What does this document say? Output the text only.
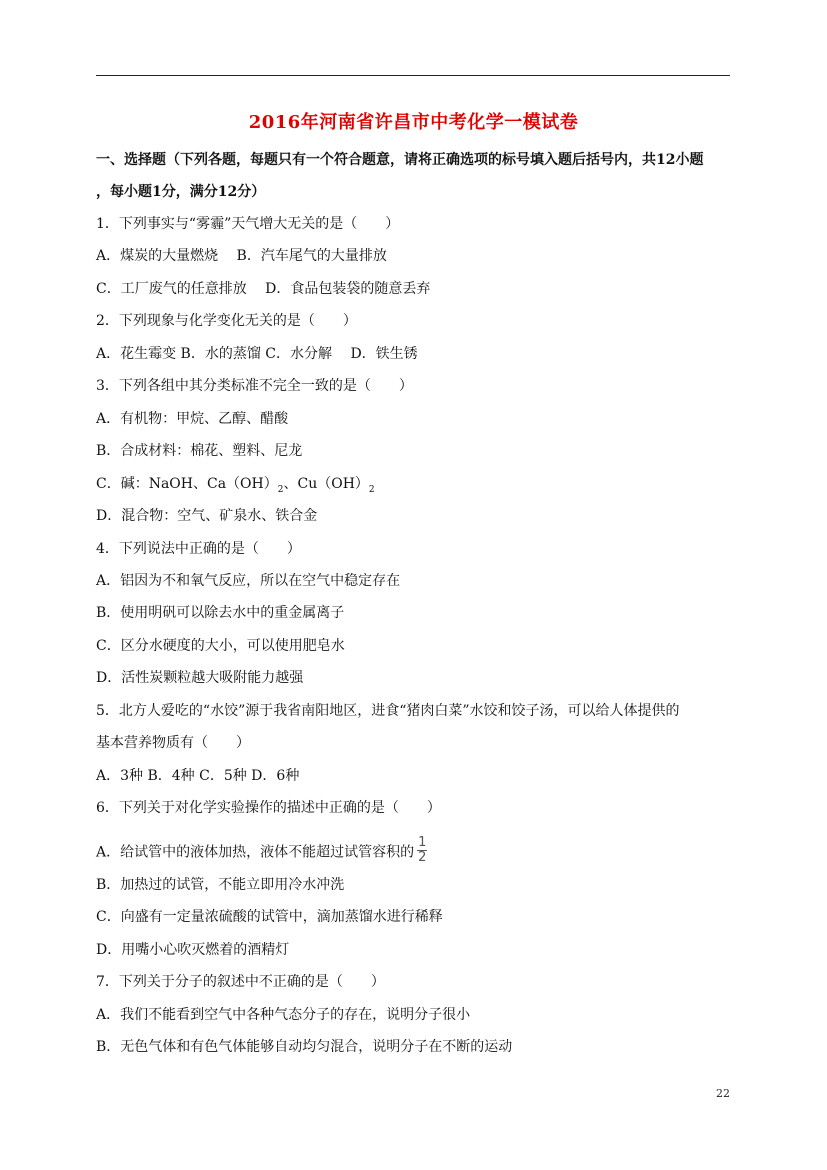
2016年河南省许昌市中考化学一模试卷
一、选择题（下列各题，每题只有一个符合题意，请将正确选项的标号填入题后括号内，共12小题
，每小题1分，满分12分）
1．下列事实与“雾霾”天气增大无关的是（　　）
A．煤炭的大量燃烧　 B．汽车尾气的大量排放
C．工厂废气的任意排放　 D．食品包装袋的随意丢弃
2．下列现象与化学变化无关的是（　　）
A．花生霉变 B．水的蒸馏 C．水分解　 D．铁生锈
3．下列各组中其分类标准不完全一致的是（　　）
A．有机物：甲烷、乙醇、醋酸
B．合成材料：棉花、塑料、尼龙
C．碱：NaOH、$Ca(OH)_2$、$Cu(OH)_2$
D．混合物：空气、矿泉水、铁合金
4．下列说法中正确的是（　　）
A．铝因为不和氧气反应，所以在空气中稳定存在
B．使用明矾可以除去水中的重金属离子
C．区分水硬度的大小，可以使用肥皂水
D．活性炭颗粒越大吸附能力越强
5．北方人爱吃的“水饺”源于我省南阳地区，进食“猪肉白菜”水饺和饺子汤，可以给人体提供的
基本营养物质有（　　）
A．3种 B．4种 C．5种 D．6种
6．下列关于对化学实验操作的描述中正确的是（　　）
A．给试管中的液体加热，液体不能超过试管容积的 $\frac{1}{2}$
B．加热过的试管，不能立即用冷水冲洗
C．向盛有一定量浓硫酸的试管中，滴加蒸馏水进行稀释
D．用嘴小心吹灭燃着的酒精灯
7．下列关于分子的叙述中不正确的是（　　）
A．我们不能看到空气中各种气态分子的存在，说明分子很小
B．无色气体和有色气体能够自动均匀混合，说明分子在不断的运动
22
